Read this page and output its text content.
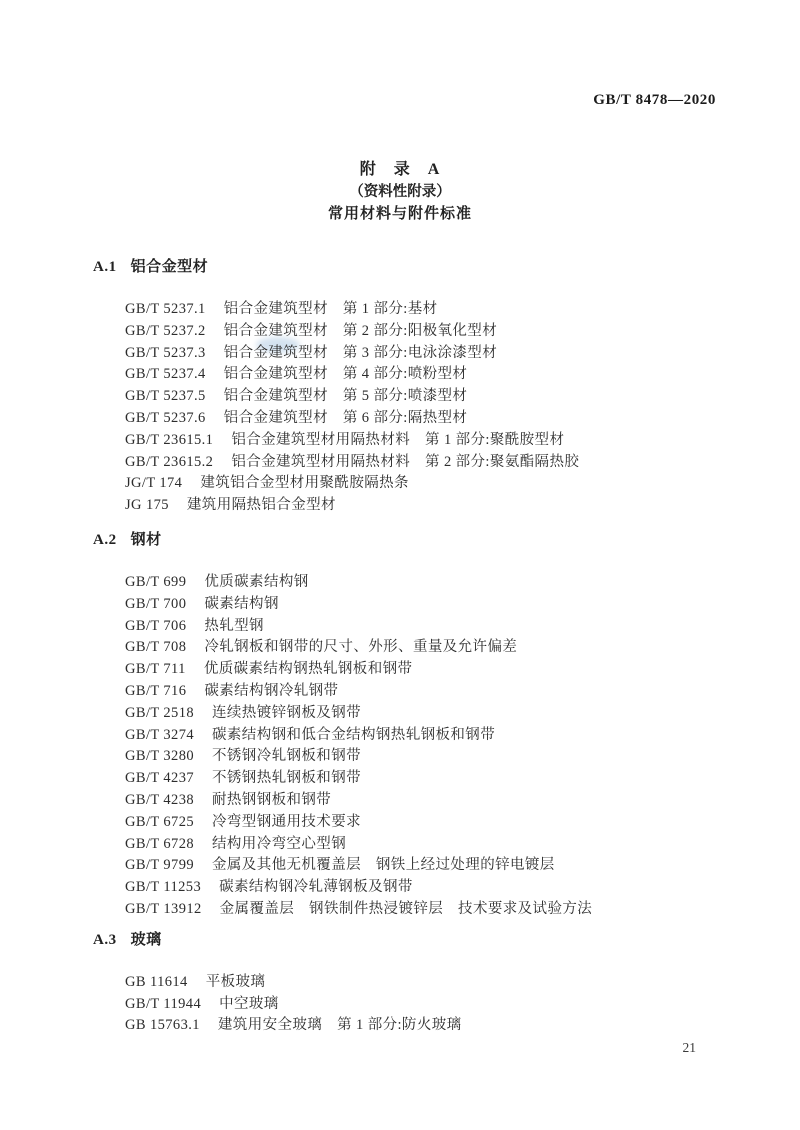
GB/T 8478—2020
附　录　A
（资料性附录）
常用材料与附件标准
A.1 铝合金型材
GB/T 5237.1 铝合金建筑型材　第 1 部分:基材
GB/T 5237.2 铝合金建筑型材　第 2 部分:阳极氧化型材
GB/T 5237.3 铝合金建筑型材　第 3 部分:电泳涂漆型材
GB/T 5237.4 铝合金建筑型材　第 4 部分:喷粉型材
GB/T 5237.5 铝合金建筑型材　第 5 部分:喷漆型材
GB/T 5237.6 铝合金建筑型材　第 6 部分:隔热型材
GB/T 23615.1 铝合金建筑型材用隔热材料　第 1 部分:聚酰胺型材
GB/T 23615.2 铝合金建筑型材用隔热材料　第 2 部分:聚氨酯隔热胶
JG/T 174 建筑铝合金型材用聚酰胺隔热条
JG 175 建筑用隔热铝合金型材
A.2 钢材
GB/T 699 优质碳素结构钢
GB/T 700 碳素结构钢
GB/T 706 热轧型钢
GB/T 708 冷轧钢板和钢带的尺寸、外形、重量及允许偏差
GB/T 711 优质碳素结构钢热轧钢板和钢带
GB/T 716 碳素结构钢冷轧钢带
GB/T 2518 连续热镀锌钢板及钢带
GB/T 3274 碳素结构钢和低合金结构钢热轧钢板和钢带
GB/T 3280 不锈钢冷轧钢板和钢带
GB/T 4237 不锈钢热轧钢板和钢带
GB/T 4238 耐热钢钢板和钢带
GB/T 6725 冷弯型钢通用技术要求
GB/T 6728 结构用冷弯空心型钢
GB/T 9799 金属及其他无机覆盖层　钢铁上经过处理的锌电镀层
GB/T 11253 碳素结构钢冷轧薄钢板及钢带
GB/T 13912 金属覆盖层　钢铁制件热浸镀锌层　技术要求及试验方法
A.3 玻璃
GB 11614 平板玻璃
GB/T 11944 中空玻璃
GB 15763.1 建筑用安全玻璃　第 1 部分:防火玻璃
21
